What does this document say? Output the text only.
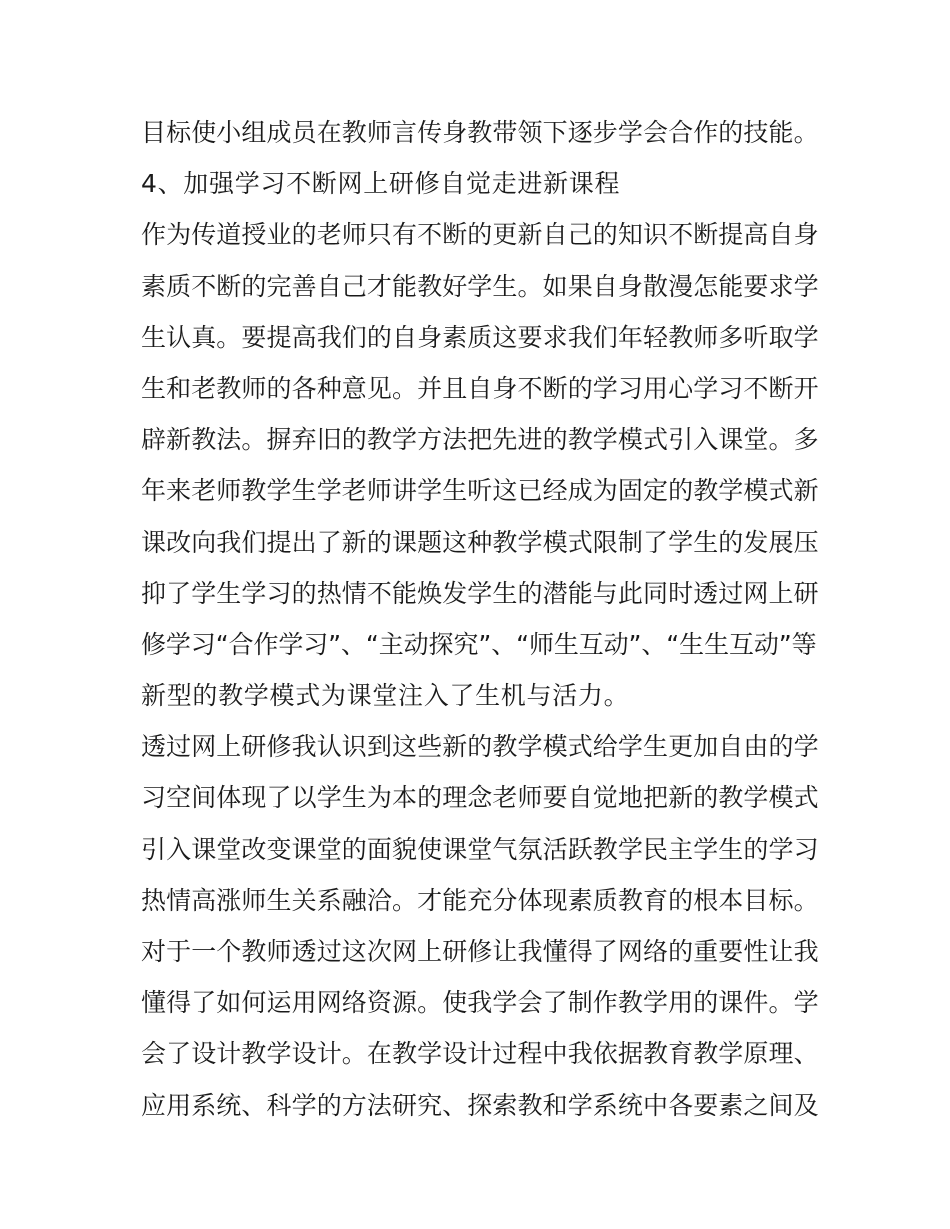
目标使小组成员在教师言传身教带领下逐步学会合作的技能。
4、加强学习不断网上研修自觉走进新课程
作为传道授业的老师只有不断的更新自己的知识不断提高自身
素质不断的完善自己才能教好学生。如果自身散漫怎能要求学
生认真。要提高我们的自身素质这要求我们年轻教师多听取学
生和老教师的各种意见。并且自身不断的学习用心学习不断开
辟新教法。摒弃旧的教学方法把先进的教学模式引入课堂。多
年来老师教学生学老师讲学生听这已经成为固定的教学模式新
课改向我们提出了新的课题这种教学模式限制了学生的发展压
抑了学生学习的热情不能焕发学生的潜能与此同时透过网上研
修学习“合作学习”、“主动探究”、“师生互动”、“生生互动”等
新型的教学模式为课堂注入了生机与活力。
透过网上研修我认识到这些新的教学模式给学生更加自由的学
习空间体现了以学生为本的理念老师要自觉地把新的教学模式
引入课堂改变课堂的面貌使课堂气氛活跃教学民主学生的学习
热情高涨师生关系融洽。才能充分体现素质教育的根本目标。
对于一个教师透过这次网上研修让我懂得了网络的重要性让我
懂得了如何运用网络资源。使我学会了制作教学用的课件。学
会了设计教学设计。在教学设计过程中我依据教育教学原理、
应用系统、科学的方法研究、探索教和学系统中各要素之间及
